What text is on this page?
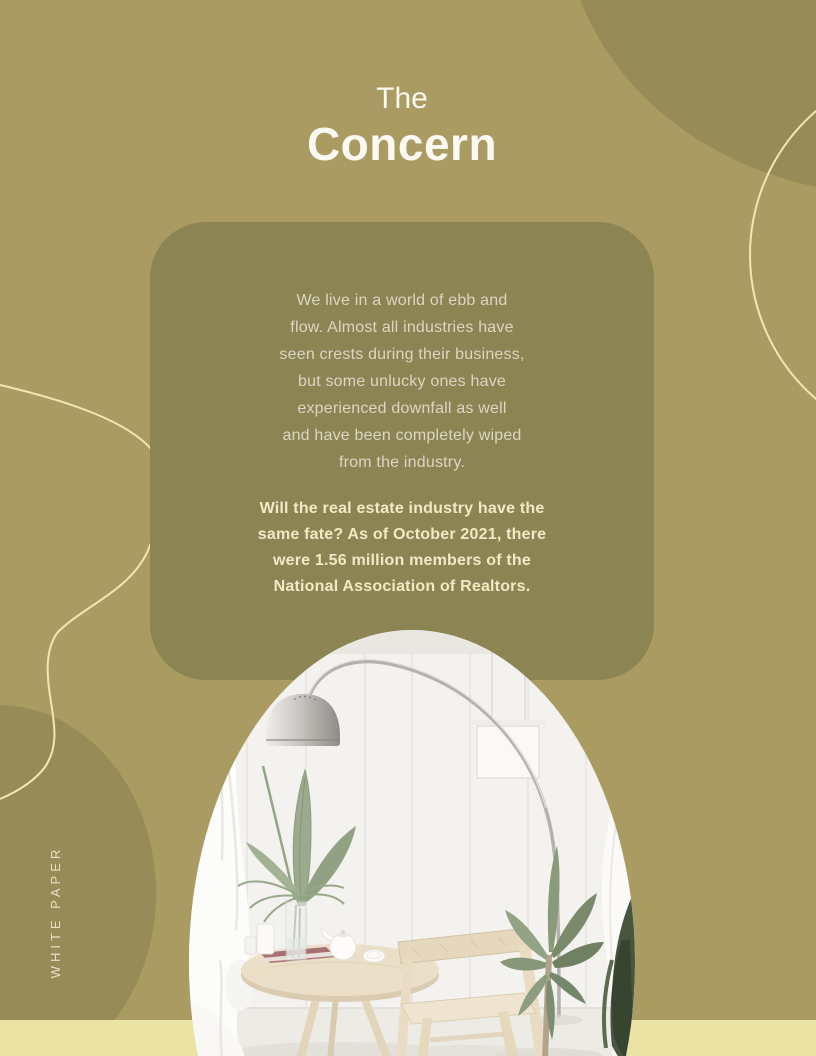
The
Concern
We live in a world of ebb and
flow. Almost all industries have
seen crests during their business,
but some unlucky ones have
experienced downfall as well
and have been completely wiped
from the industry.
Will the real estate industry have the
same fate? As of October 2021, there
were 1.56 million members of the
National Association of Realtors.
WHITE PAPER
